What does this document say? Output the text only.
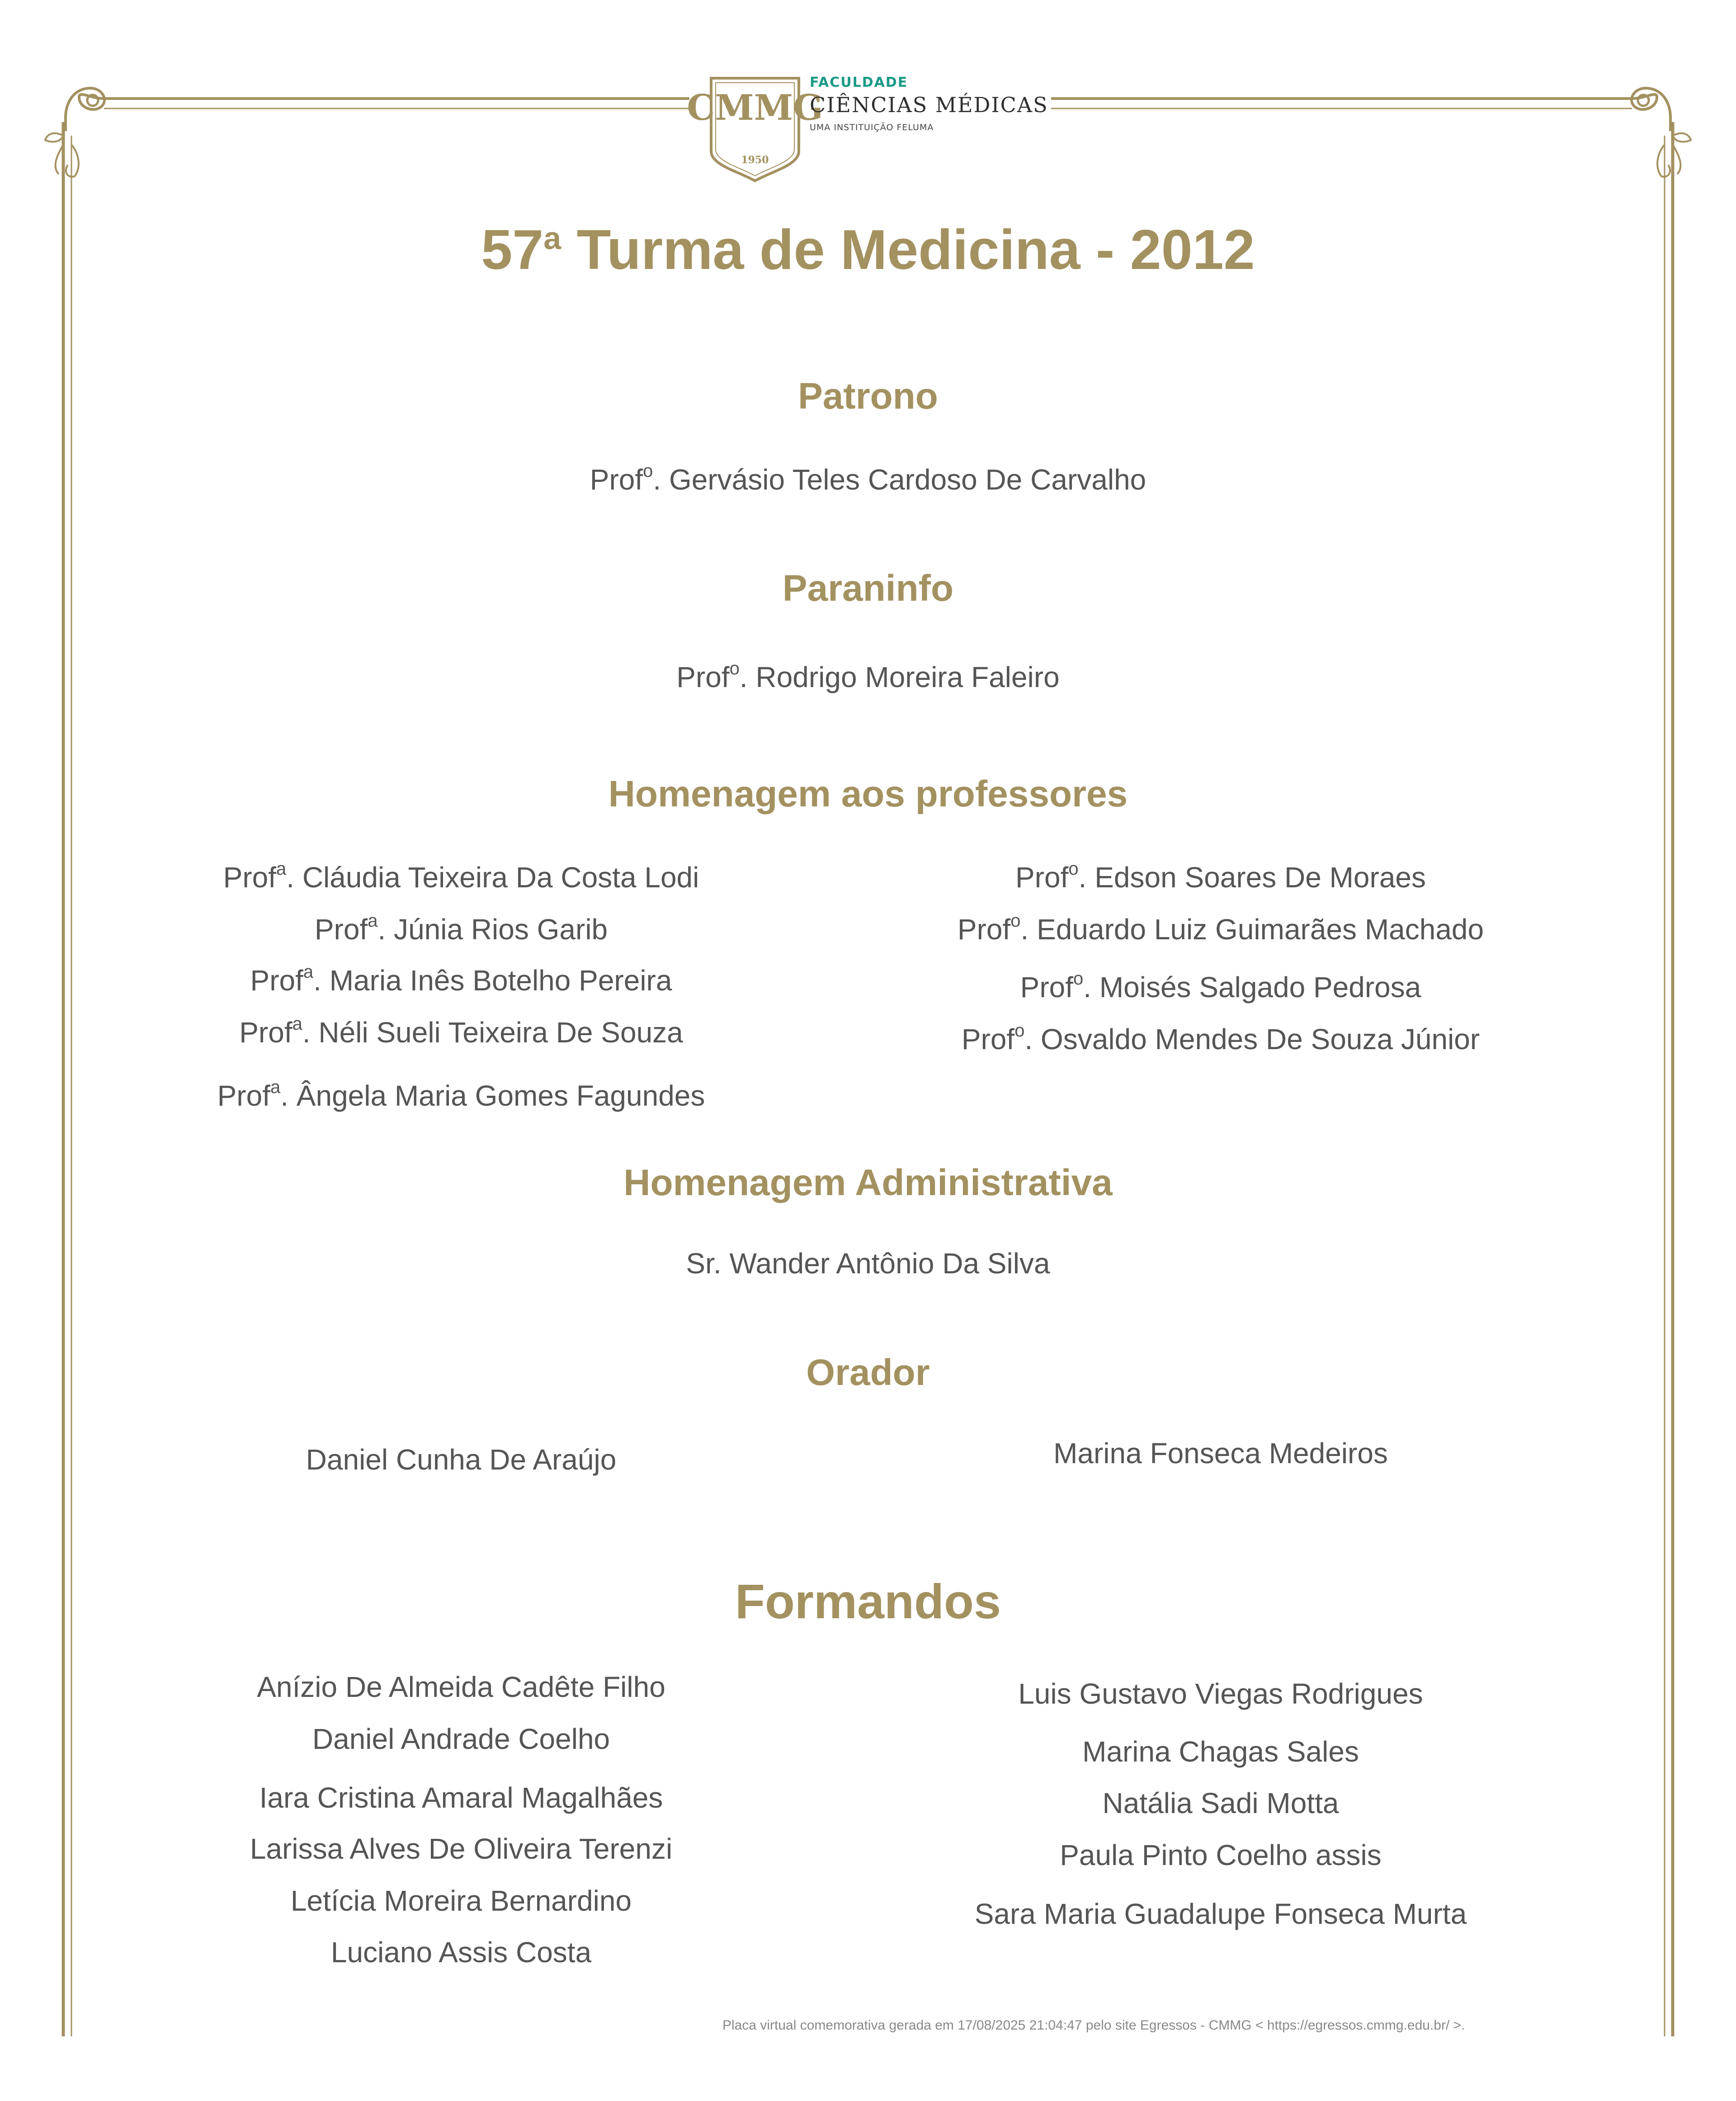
CMMG
1950
FACULDADE
CIÊNCIAS MÉDICAS
UMA INSTITUIÇÃO FELUMA
57$^a$ Turma de Medicina - 2012
Patrono
Prof$^o$. Gervásio Teles Cardoso De Carvalho
Paraninfo
Prof$^o$. Rodrigo Moreira Faleiro
Homenagem aos professores
Prof$^a$. Cláudia Teixeira Da Costa Lodi
Prof$^a$. Júnia Rios Garib
Prof$^a$. Maria Inês Botelho Pereira
Prof$^a$. Néli Sueli Teixeira De Souza
Prof$^a$. Ângela Maria Gomes Fagundes
Prof$^o$. Edson Soares De Moraes
Prof$^o$. Eduardo Luiz Guimarães Machado
Prof$^o$. Moisés Salgado Pedrosa
Prof$^o$. Osvaldo Mendes De Souza Júnior
Homenagem Administrativa
Sr. Wander Antônio Da Silva
Orador
Daniel Cunha De Araújo	Marina Fonseca Medeiros
Formandos
Anízio De Almeida Cadête Filho
Daniel Andrade Coelho
Iara Cristina Amaral Magalhães
Larissa Alves De Oliveira Terenzi
Letícia Moreira Bernardino
Luciano Assis Costa
Luis Gustavo Viegas Rodrigues
Marina Chagas Sales
Natália Sadi Motta
Paula Pinto Coelho assis
Sara Maria Guadalupe Fonseca Murta
Placa virtual comemorativa gerada em 17/08/2025 21:04:47 pelo site Egressos - CMMG < https://egressos.cmmg.edu.br/ >.
